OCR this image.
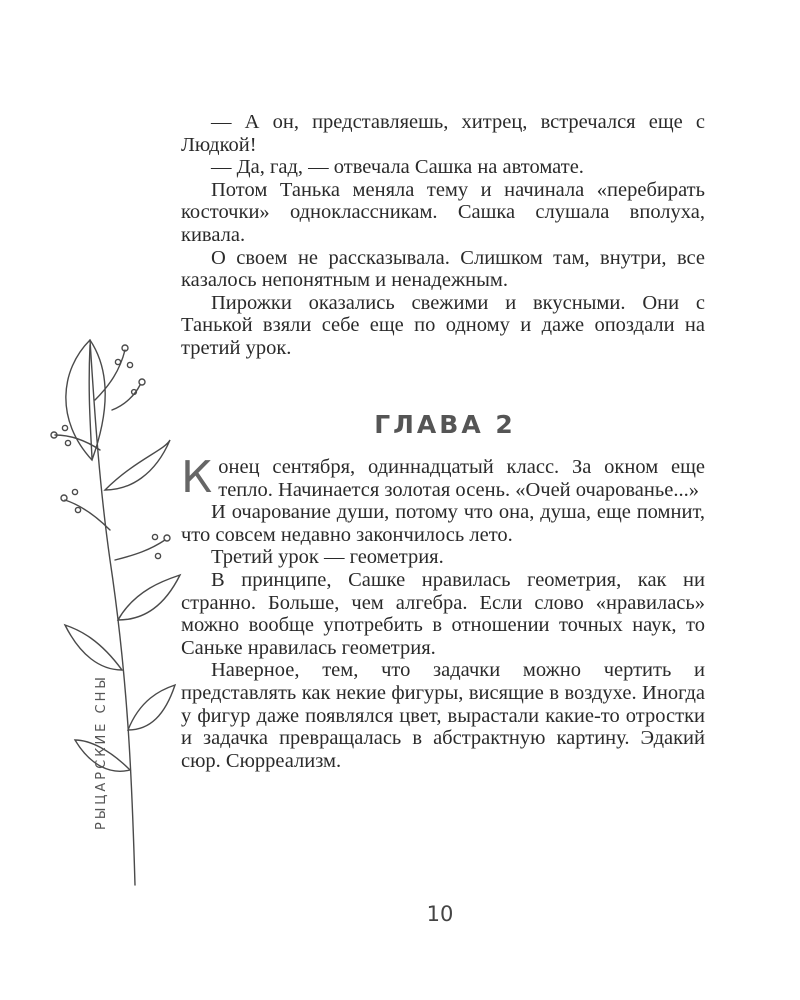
РЫЦАРСКИЕ СНЫ

— А он, представляешь, хитрец, встречался еще с Людкой!

— Да, гад, — отвечала Сашка на автомате.

Потом Танька меняла тему и начинала «перебирать косточки» одноклассникам. Сашка слушала вполуха, кивала.

О своем не рассказывала. Слишком там, внутри, все казалось непонятным и ненадежным.

Пирожки оказались свежими и вкусными. Они с Танькой взяли себе еще по одному и даже опоздали на третий урок.

ГЛАВА 2

Конец сентября, одиннадцатый класс. За окном еще тепло. Начинается золотая осень. «Очей очарованье...»

И очарование души, потому что она, душа, еще помнит, что совсем недавно закончилось лето.

Третий урок — геометрия.

В принципе, Сашке нравилась геометрия, как ни странно. Больше, чем алгебра. Если слово «нравилась» можно вообще употребить в отношении точных наук, то Саньке нравилась геометрия.

Наверное, тем, что задачки можно чертить и представлять как некие фигуры, висящие в воздухе. Иногда у фигур даже появлялся цвет, вырастали какие-то отростки и задачка превращалась в абстрактную картину. Эдакий сюр. Сюрреализм.

10
